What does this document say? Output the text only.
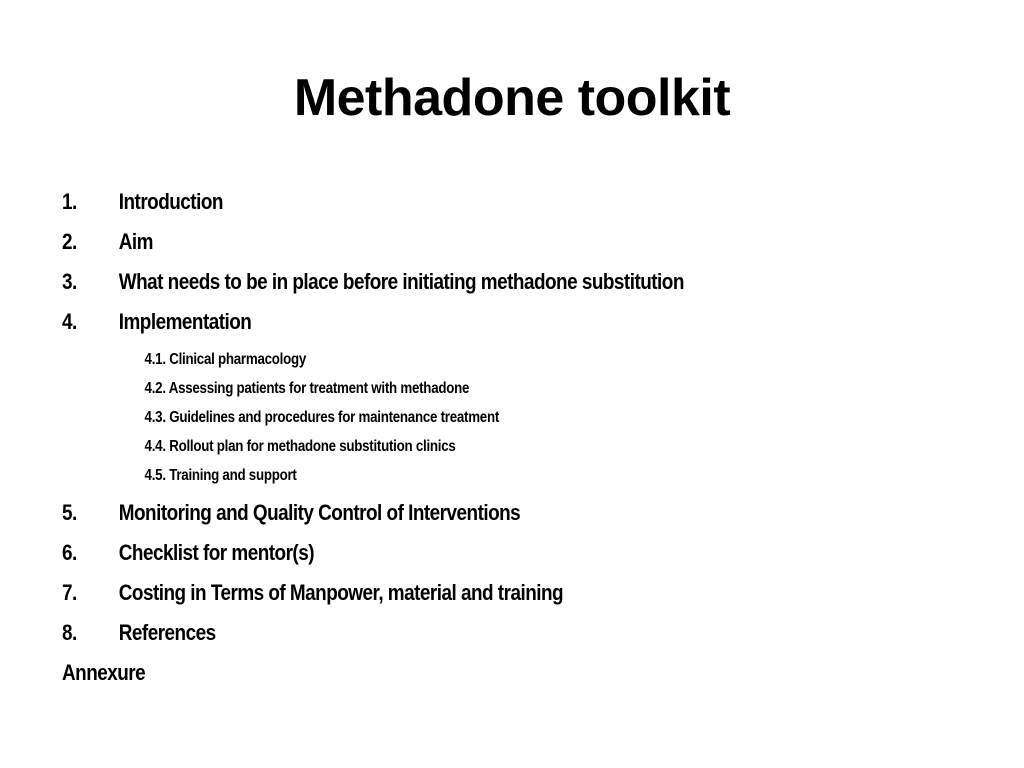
Methadone toolkit
1. Introduction
2. Aim
3. What needs to be in place before initiating methadone substitution
4. Implementation
4.1. Clinical pharmacology
4.2. Assessing patients for treatment with methadone
4.3. Guidelines and procedures for maintenance treatment
4.4. Rollout plan for methadone substitution clinics
4.5. Training and support
5. Monitoring and Quality Control of Interventions
6. Checklist for mentor(s)
7. Costing in Terms of Manpower, material and training
8. References
Annexure
